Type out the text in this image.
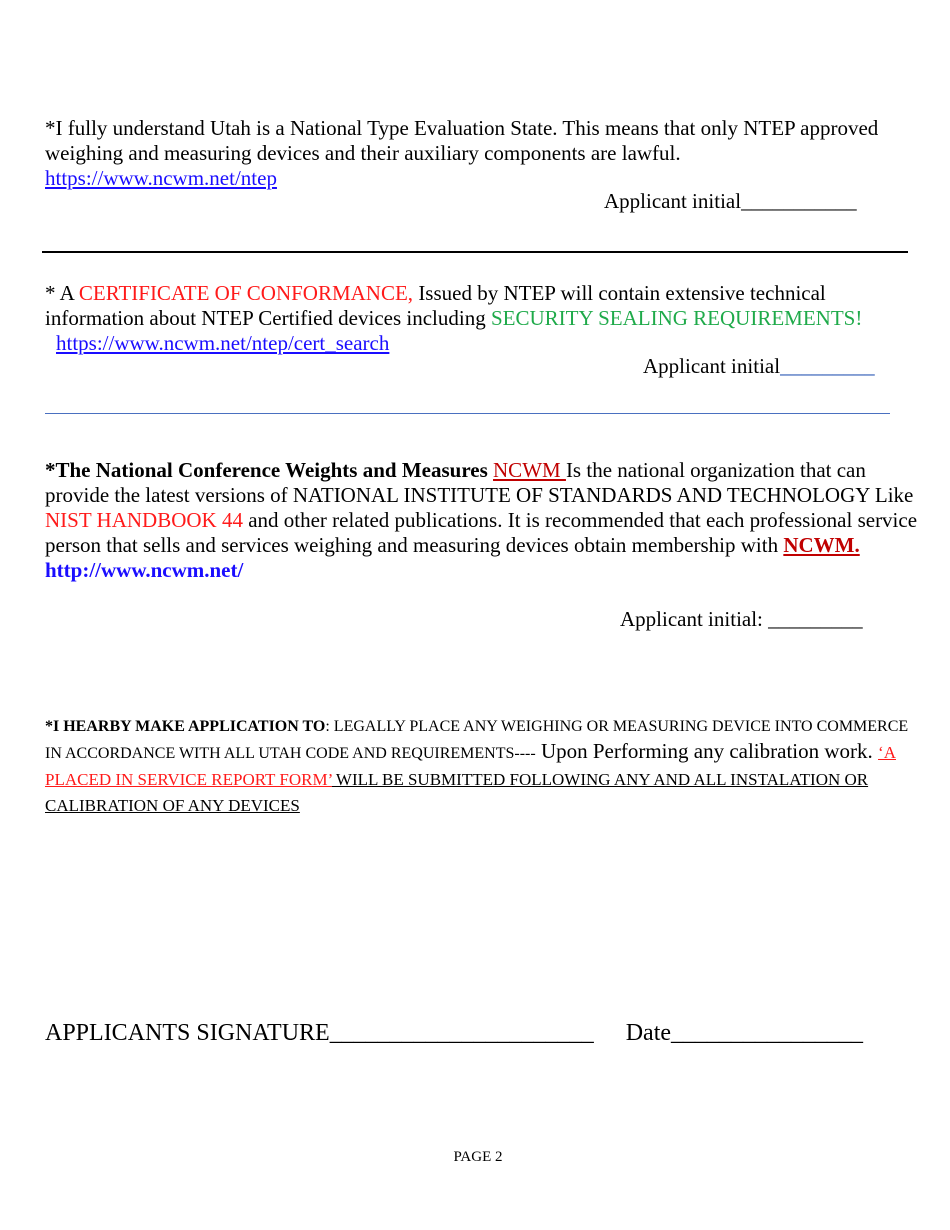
*I fully understand Utah is a National Type Evaluation State. This means that only NTEP approved weighing and measuring devices and their auxiliary components are lawful.
https://www.ncwm.net/ntep

Applicant initial___________

* A CERTIFICATE OF CONFORMANCE, Issued by NTEP will contain extensive technical information about NTEP Certified devices including SECURITY SEALING REQUIREMENTS!
https://www.ncwm.net/ntep/cert_search

Applicant initial_________

*The National Conference Weights and Measures NCWM Is the national organization that can provide the latest versions of NATIONAL INSTITUTE OF STANDARDS AND TECHNOLOGY Like NIST HANDBOOK 44 and other related publications. It is recommended that each professional service person that sells and services weighing and measuring devices obtain membership with NCWM.
http://www.ncwm.net/

Applicant initial: _________

*I HEARBY MAKE APPLICATION TO: LEGALLY PLACE ANY WEIGHING OR MEASURING DEVICE INTO COMMERCE IN ACCORDANCE WITH ALL UTAH CODE AND REQUIREMENTS---- Upon Performing any calibration work. ‘A PLACED IN SERVICE REPORT FORM’ WILL BE SUBMITTED FOLLOWING ANY AND ALL INSTALATION OR CALIBRATION OF ANY DEVICES

APPLICANTS SIGNATURE______________________ Date________________
PAGE 2
